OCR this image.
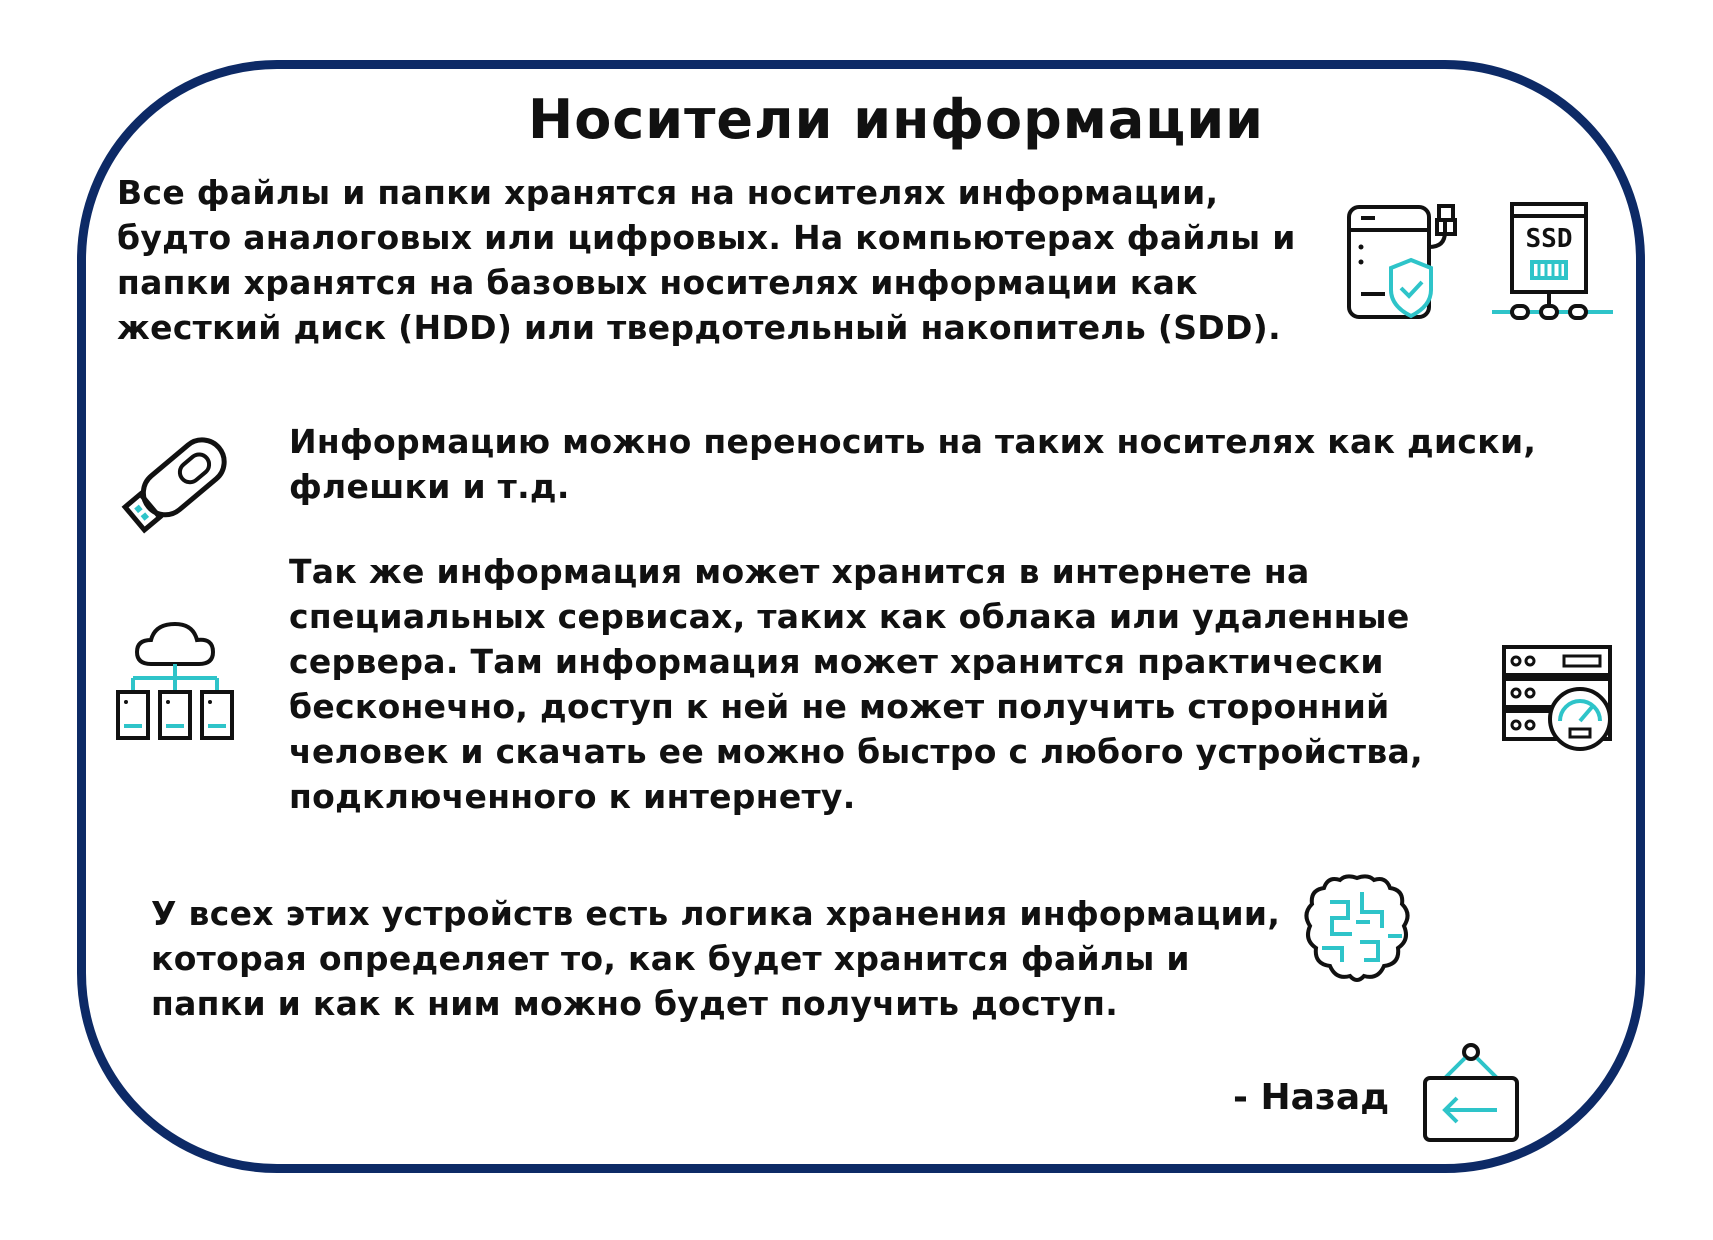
Носители информации
Все файлы и папки хранятся на носителях информации, будто аналоговых или цифровых. На компьютерах файлы и папки хранятся на базовых носителях информации как жесткий диск (HDD) или твердотельный накопитель (SDD).
Информацию можно переносить на таких носителях как диски, флешки и т.д.
Так же информация может хранится в интернете на специальных сервисах, таких как облака или удаленные сервера. Там информация может хранится практически бесконечно, доступ к ней не может получить сторонний человек и скачать ее можно быстро с любого устройства, подключенного к интернету.
У всех этих устройств есть логика хранения информации, которая определяет то, как будет хранится файлы и папки и как к ним можно будет получить доступ.
SSD
- Назад
